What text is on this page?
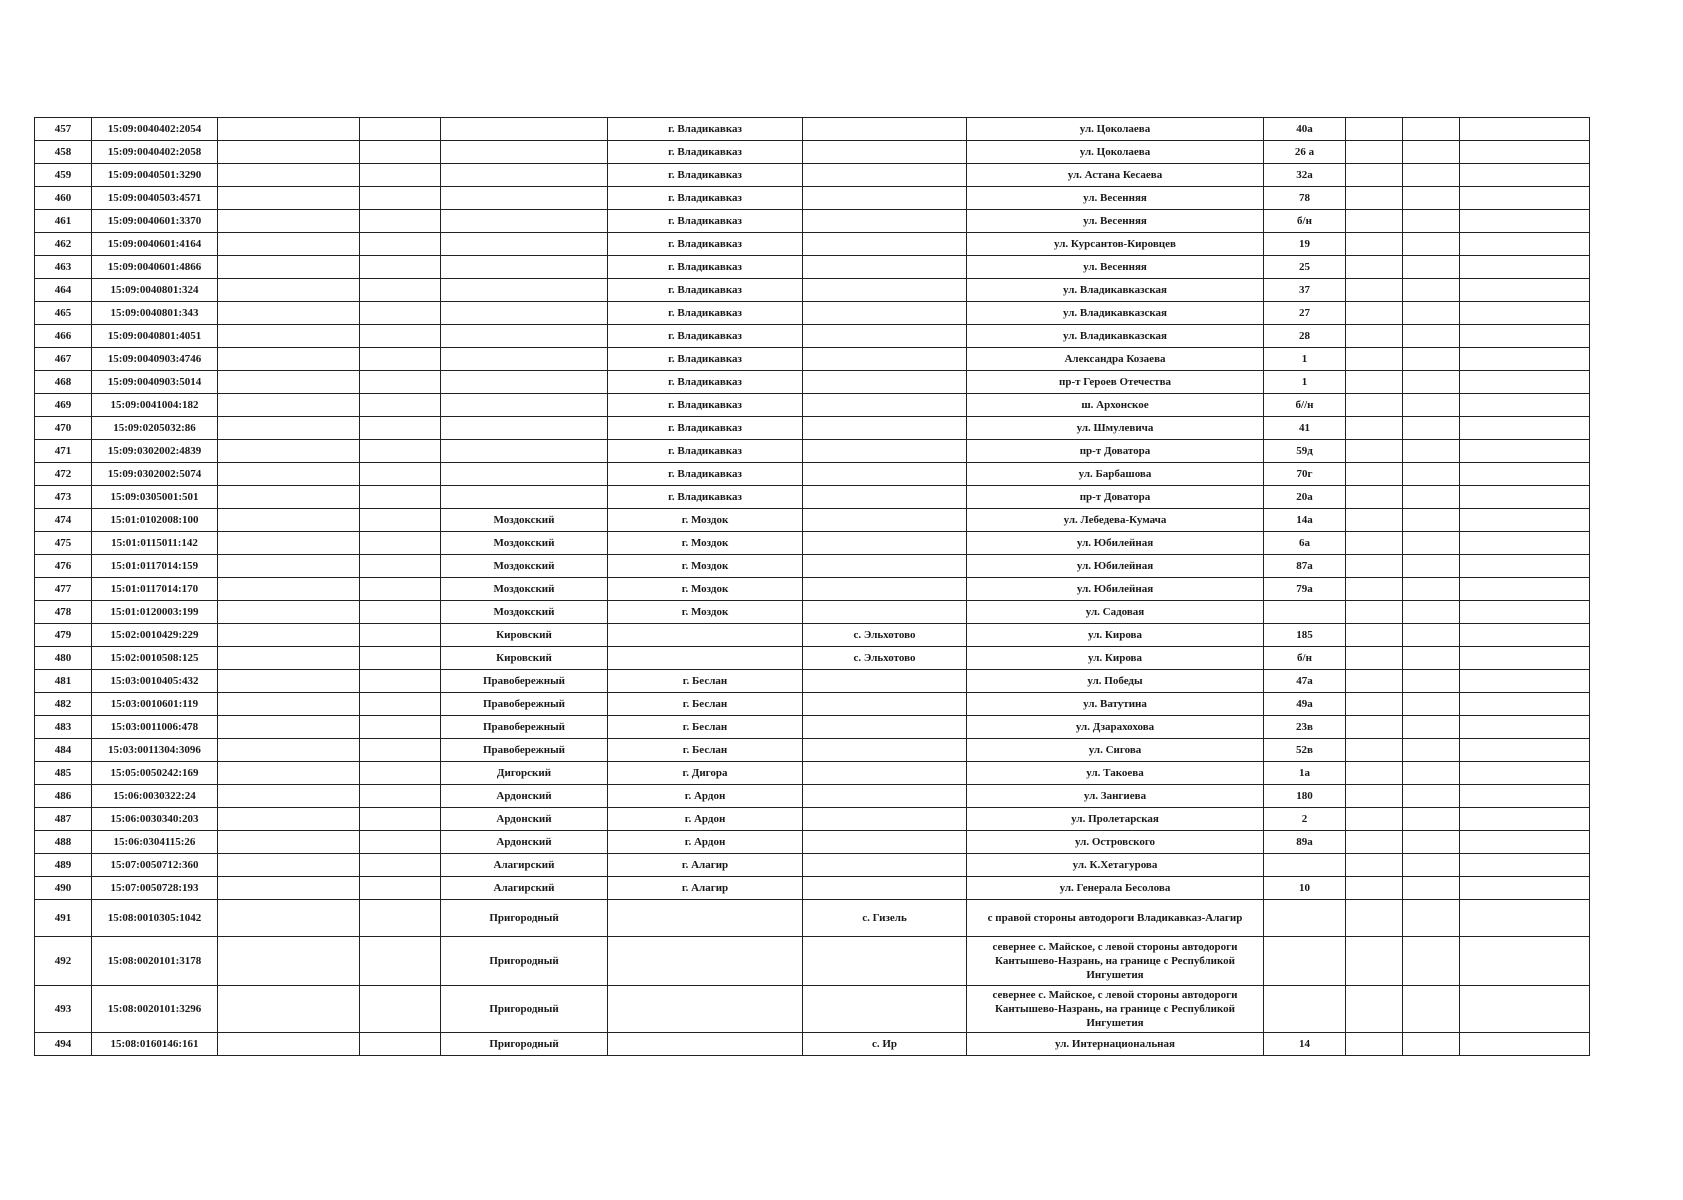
457	15:09:0040402:2054				г. Владикавказ		ул. Цоколаева	40а			
458	15:09:0040402:2058				г. Владикавказ		ул. Цоколаева	26 а			
459	15:09:0040501:3290				г. Владикавказ		ул. Астана Кесаева	32а			
460	15:09:0040503:4571				г. Владикавказ		ул. Весенняя	78			
461	15:09:0040601:3370				г. Владикавказ		ул. Весенняя	б/н			
462	15:09:0040601:4164				г. Владикавказ		ул. Курсантов-Кировцев	19			
463	15:09:0040601:4866				г. Владикавказ		ул. Весенняя	25			
464	15:09:0040801:324				г. Владикавказ		ул. Владикавказская	37			
465	15:09:0040801:343				г. Владикавказ		ул. Владикавказская	27			
466	15:09:0040801:4051				г. Владикавказ		ул. Владикавказская	28			
467	15:09:0040903:4746				г. Владикавказ		Александра Козаева	1			
468	15:09:0040903:5014				г. Владикавказ		пр-т Героев Отечества	1			
469	15:09:0041004:182				г. Владикавказ		ш. Архонское	б//н			
470	15:09:0205032:86				г. Владикавказ		ул. Шмулевича	41			
471	15:09:0302002:4839				г. Владикавказ		пр-т Доватора	59д			
472	15:09:0302002:5074				г. Владикавказ		ул. Барбашова	70г			
473	15:09:0305001:501				г. Владикавказ		пр-т Доватора	20а			
474	15:01:0102008:100			Моздокский	г. Моздок		ул. Лебедева-Кумача	14а			
475	15:01:0115011:142			Моздокский	г. Моздок		ул. Юбилейная	6а			
476	15:01:0117014:159			Моздокский	г. Моздок		ул. Юбилейная	87а			
477	15:01:0117014:170			Моздокский	г. Моздок		ул. Юбилейная	79а			
478	15:01:0120003:199			Моздокский	г. Моздок		ул. Садовая				
479	15:02:0010429:229			Кировский		с. Эльхотово	ул. Кирова	185			
480	15:02:0010508:125			Кировский		с. Эльхотово	ул. Кирова	б/н			
481	15:03:0010405:432			Правобережный	г. Беслан		ул. Победы	47а			
482	15:03:0010601:119			Правобережный	г. Беслан		ул. Ватутина	49а			
483	15:03:0011006:478			Правобережный	г. Беслан		ул. Дзарахохова	23в			
484	15:03:0011304:3096			Правобережный	г. Беслан		ул. Сигова	52в			
485	15:05:0050242:169			Дигорский	г. Дигора		ул. Такоева	1а			
486	15:06:0030322:24			Ардонский	г. Ардон		ул. Зангиева	180			
487	15:06:0030340:203			Ардонский	г. Ардон		ул. Пролетарская	2			
488	15:06:0304115:26			Ардонский	г. Ардон		ул. Островского	89а			
489	15:07:0050712:360			Алагирский	г. Алагир		ул. К.Хетагурова				
490	15:07:0050728:193			Алагирский	г. Алагир		ул. Генерала Бесолова	10			
491	15:08:0010305:1042			Пригородный		с. Гизель	с правой стороны автодороги Владикавказ-Алагир				
492	15:08:0020101:3178			Пригородный			севернее с. Майское, с левой стороны автодороги Кантышево-Назрань, на границе с Республикой Ингушетия				
493	15:08:0020101:3296			Пригородный			севернее с. Майское, с левой стороны автодороги Кантышево-Назрань, на границе с Республикой Ингушетия				
494	15:08:0160146:161			Пригородный		с. Ир	ул. Интернациональная	14			
